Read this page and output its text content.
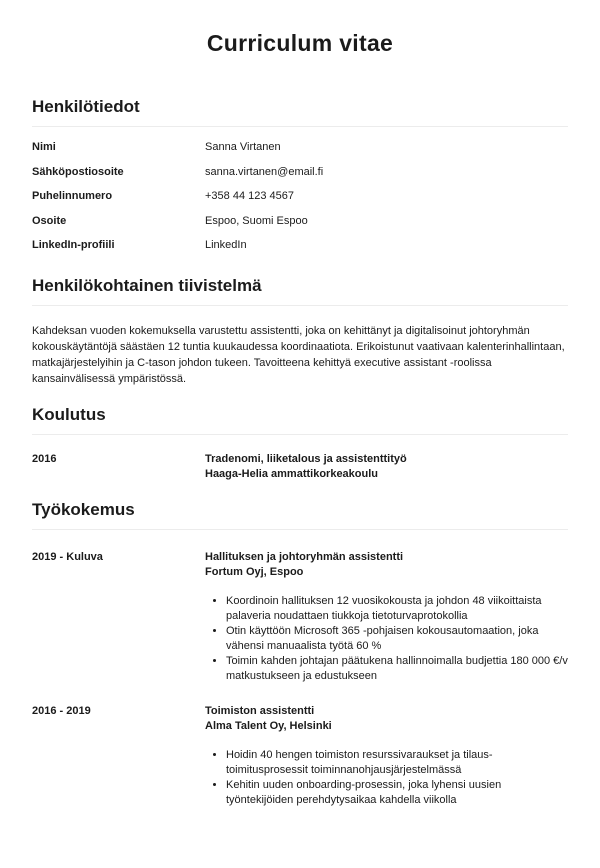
Curriculum vitae
Henkilötiedot
Nimi	Sanna Virtanen
Sähköpostiosoite	sanna.virtanen@email.fi
Puhelinnumero	+358 44 123 4567
Osoite	Espoo, Suomi Espoo
LinkedIn-profiili	LinkedIn
Henkilökohtainen tiivistelmä

Kahdeksan vuoden kokemuksella varustettu assistentti, joka on kehittänyt ja digitalisoinut johtoryhmän kokouskäytäntöjä säästäen 12 tuntia kuukaudessa koordinaatiota. Erikoistunut vaativaan kalenterinhallintaan, matkajärjestelyihin ja C-tason johdon tukeen. Tavoitteena kehittyä executive assistant -roolissa kansainvälisessä ympäristössä.

Koulutus
2016	Tradenomi, liiketalous ja assistenttityö
Haaga-Helia ammattikorkeakoulu
Työkokemus
2019 - Kuluva	Hallituksen ja johtoryhmän assistentti
Fortum Oyj, Espoo
• Koordinoin hallituksen 12 vuosikokousta ja johdon 48 viikoittaista palaveria noudattaen tiukkoja tietoturvaprotokollia
• Otin käyttöön Microsoft 365 -pohjaisen kokousautomaation, joka vähensi manuaalista työtä 60 %
• Toimin kahden johtajan päätukena hallinnoimalla budjettia 180 000 €/v matkustukseen ja edustukseen
2016 - 2019	Toimiston assistentti
Alma Talent Oy, Helsinki
• Hoidin 40 hengen toimiston resurssivaraukset ja tilaus-toimitusprosessit toiminnanohjausjärjestelmässä
• Kehitin uuden onboarding-prosessin, joka lyhensi uusien työntekijöiden perehdytysaikaa kahdella viikolla
